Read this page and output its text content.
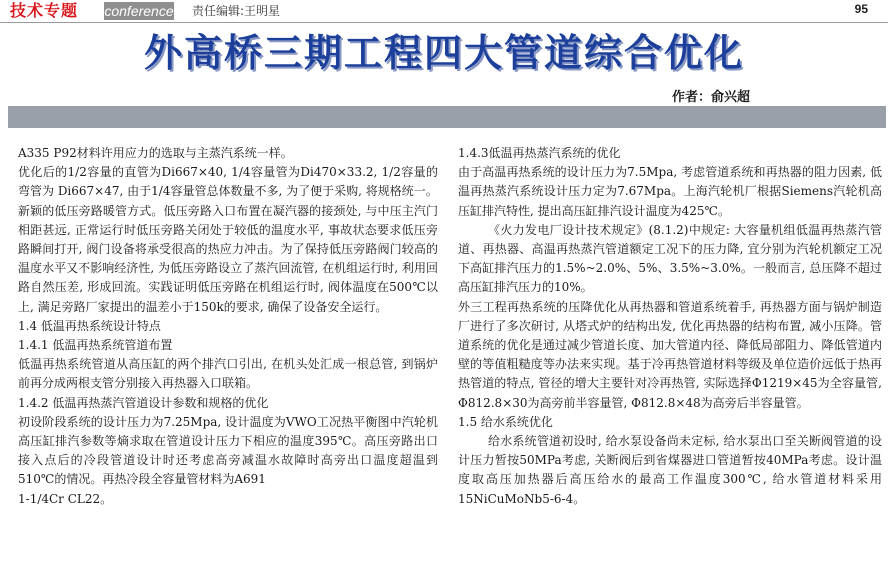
技术专题 conference 责任编辑:王明星	95
外高桥三期工程四大管道综合优化
作者：俞兴超

A335 P92材料许用应力的选取与主蒸汽系统一样。

优化后的1/2容量的直管为Di667×40, 1/4容量管为Di470×33.2, 1/2容量的弯管为 Di667×47, 由于1/4容量管总体数量不多, 为了便于采购, 将规格统一。

新颖的低压旁路暖管方式。低压旁路入口布置在凝汽器的接颈处, 与中压主汽门相距甚远, 正常运行时低压旁路关闭处于较低的温度水平, 事故状态要求低压旁路瞬间打开, 阀门设备将承受很高的热应力冲击。为了保持低压旁路阀门较高的温度水平又不影响经济性, 为低压旁路设立了蒸汽回流管, 在机组运行时, 利用回路自然压差, 形成回流。实践证明低压旁路在机组运行时, 阀体温度在500℃以上, 满足旁路厂家提出的温差小于150k的要求, 确保了设备安全运行。

1.4 低温再热系统设计特点

1.4.1 低温再热系统管道布置

低温再热系统管道从高压缸的两个排汽口引出, 在机头处汇成一根总管, 到锅炉前再分成两根支管分别接入再热器入口联箱。

1.4.2 低温再热蒸汽管道设计参数和规格的优化

初设阶段系统的设计压力为7.25Mpa, 设计温度为VWO工况热平衡图中汽轮机高压缸排汽参数等熵求取在管道设计压力下相应的温度395℃。高压旁路出口接入点后的冷段管道设计时还考虑高旁减温水故障时高旁出口温度超温到510℃的情况。再热冷段全容量管材料为A691

1-1/4Cr CL22。

1.4.3低温再热蒸汽系统的优化

由于高温再热系统的设计压力为7.5Mpa, 考虑管道系统和再热器的阻力因素, 低温再热蒸汽系统设计压力定为7.67Mpa。上海汽轮机厂根据Siemens汽轮机高压缸排汽特性, 提出高压缸排汽设计温度为425℃。

《火力发电厂设计技术规定》(8.1.2)中规定: 大容量机组低温再热蒸汽管道、再热器、高温再热蒸汽管道额定工况下的压力降, 宜分别为汽轮机额定工况下高缸排汽压力的1.5%~2.0%、5%、3.5%~3.0%。一般而言, 总压降不超过高压缸排汽压力的10%。

外三工程再热系统的压降优化从再热器和管道系统着手, 再热器方面与锅炉制造厂进行了多次研讨, 从塔式炉的结构出发, 优化再热器的结构布置, 减小压降。管道系统的优化是通过减少管道长度、加大管道内径、降低局部阻力、降低管道内壁的等值粗糙度等办法来实现。基于冷再热管道材料等级及单位造价远低于热再热管道的特点, 管径的增大主要针对冷再热管, 实际选择Φ1219×45为全容量管, Φ812.8×30为高旁前半容量管, Φ812.8×48为高旁后半容量管。

1.5 给水系统优化

给水系统管道初设时, 给水泵设备尚未定标, 给水泵出口至关断阀管道的设计压力暂按50MPa考虑, 关断阀后到省煤器进口管道暂按40MPa考虑。设计温度取高压加热器后高压给水的最高工作温度300℃, 给水管道材料采用15NiCuMoNb5-6-4。
